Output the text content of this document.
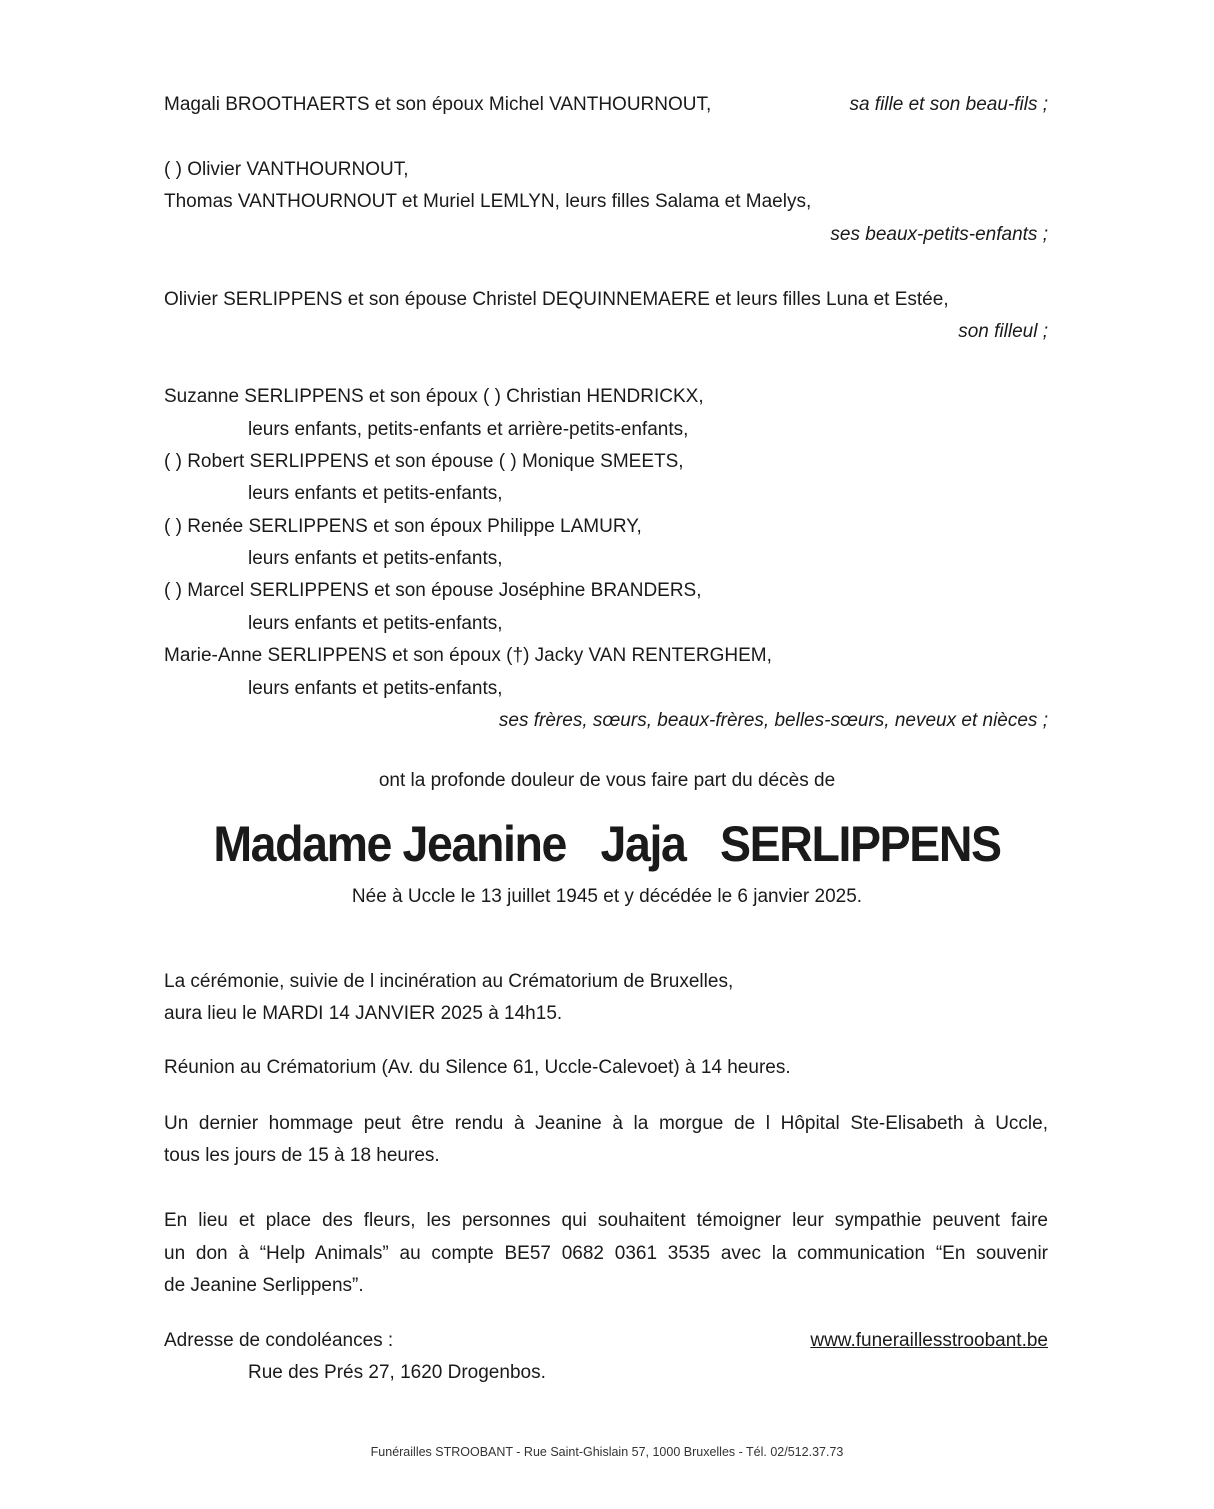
Magali BROOTHAERTS et son époux Michel VANTHOURNOUT,	sa fille et son beau-fils ;
( ) Olivier VANTHOURNOUT,
Thomas VANTHOURNOUT et Muriel LEMLYN, leurs filles Salama et Maelys,
ses beaux-petits-enfants ;
Olivier SERLIPPENS et son épouse Christel DEQUINNEMAERE et leurs filles Luna et Estée,
son filleul ;
Suzanne SERLIPPENS et son époux ( ) Christian HENDRICKX,
leurs enfants, petits-enfants et arrière-petits-enfants,
( ) Robert SERLIPPENS et son épouse ( ) Monique SMEETS,
leurs enfants et petits-enfants,
( ) Renée SERLIPPENS et son époux Philippe LAMURY,
leurs enfants et petits-enfants,
( ) Marcel SERLIPPENS et son épouse Joséphine BRANDERS,
leurs enfants et petits-enfants,
Marie-Anne SERLIPPENS et son époux (†) Jacky VAN RENTERGHEM,
leurs enfants et petits-enfants,
ses frères, sœurs, beaux-frères, belles-sœurs, neveux et nièces ;
ont la profonde douleur de vous faire part du décès de
Madame Jeanine Jaja SERLIPPENS
Née à Uccle le 13 juillet 1945 et y décédée le 6 janvier 2025.
La cérémonie, suivie de l incinération au Crématorium de Bruxelles,
aura lieu le MARDI 14 JANVIER 2025 à 14h15.
Réunion au Crématorium (Av. du Silence 61, Uccle-Calevoet) à 14 heures.
Un dernier hommage peut être rendu à Jeanine à la morgue de l Hôpital Ste-Elisabeth à Uccle,
tous les jours de 15 à 18 heures.
En lieu et place des fleurs, les personnes qui souhaitent témoigner leur sympathie peuvent faire
un don à “Help Animals” au compte BE57 0682 0361 3535 avec la communication “En souvenir
de Jeanine Serlippens”.
Adresse de condoléances :	www.funeraillesstroobant.be
Rue des Prés 27, 1620 Drogenbos.
Funérailles STROOBANT - Rue Saint-Ghislain 57, 1000 Bruxelles - Tél. 02/512.37.73
